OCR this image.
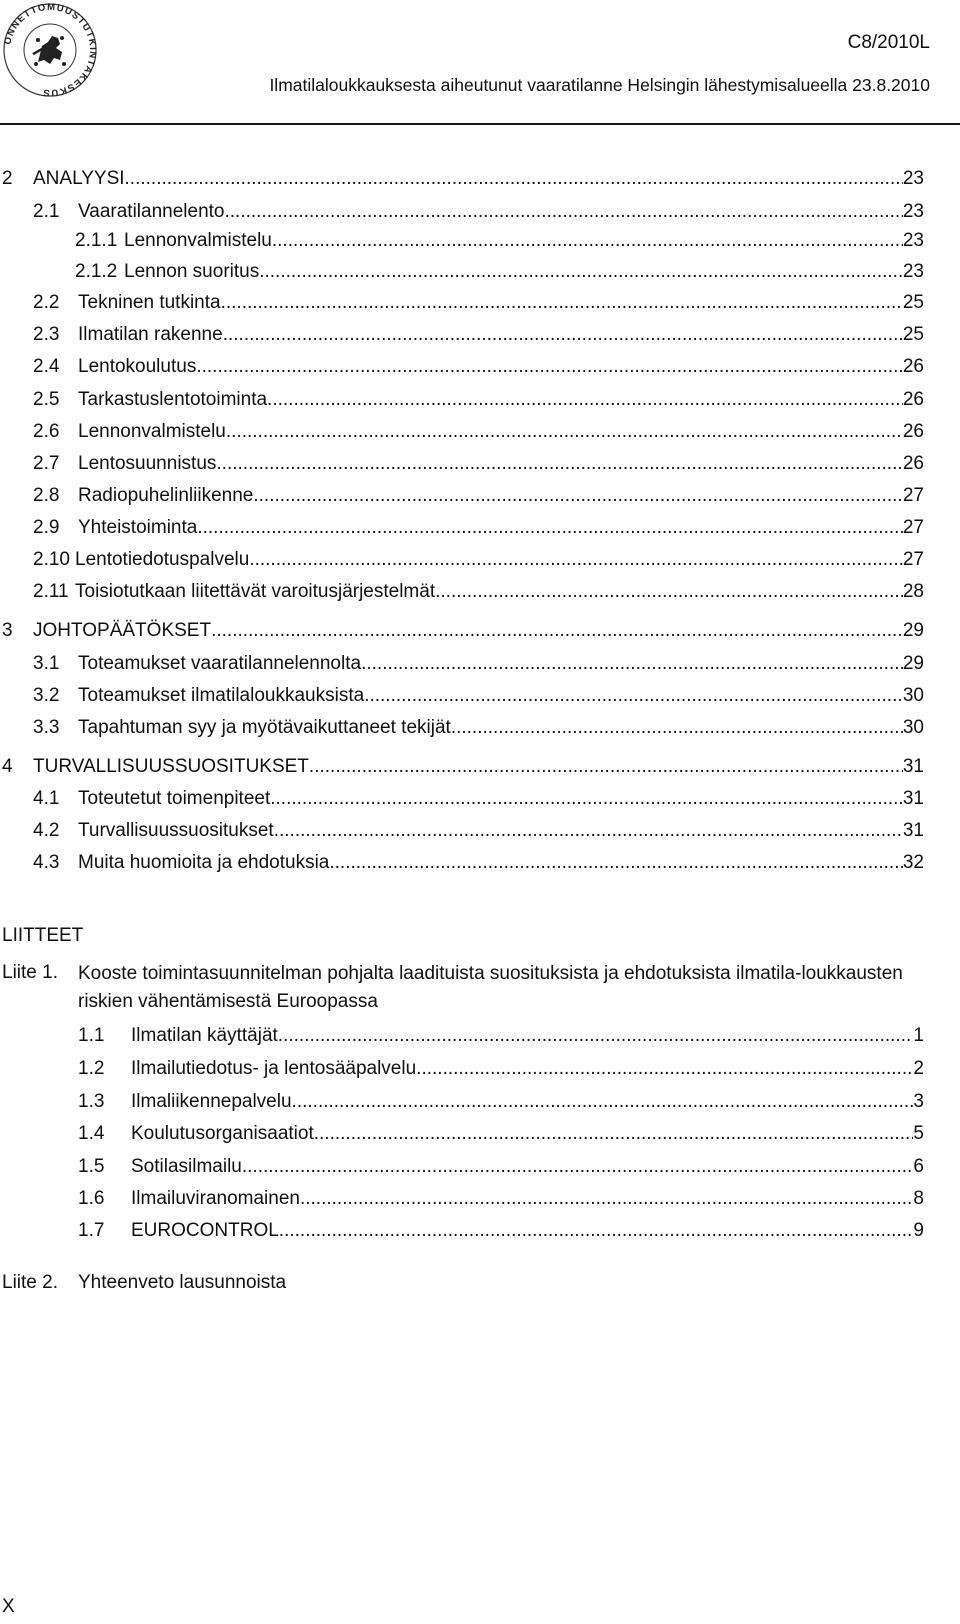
ONNETTOMUUSTUTKINTAKESKUS
C8/2010L
Ilmatilaloukkauksesta aiheutunut vaaratilanne Helsingin lähestymisalueella 23.8.2010
2 ANALYYSI .....	23
2.1 Vaaratilannelento .....	23
2.1.1 Lennonvalmistelu .....	23
2.1.2 Lennon suoritus .....	23
2.2 Tekninen tutkinta .....	25
2.3 Ilmatilan rakenne .....	25
2.4 Lentokoulutus .....	26
2.5 Tarkastuslentotoiminta .....	26
2.6 Lennonvalmistelu .....	26
2.7 Lentosuunnistus .....	26
2.8 Radiopuhelinliikenne .....	27
2.9 Yhteistoiminta .....	27
2.10 Lentotiedotuspalvelu .....	27
2.11 Toisiotutkaan liitettävät varoitusjärjestelmät .....	28
3 JOHTOPÄÄTÖKSET .....	29
3.1 Toteamukset vaaratilannelennolta .....	29
3.2 Toteamukset ilmatilaloukkauksista .....	30
3.3 Tapahtuman syy ja myötävaikuttaneet tekijät .....	30
4 TURVALLISUUSSUOSITUKSET .....	31
4.1 Toteutetut toimenpiteet .....	31
4.2 Turvallisuussuositukset .....	31
4.3 Muita huomioita ja ehdotuksia .....	32
LIITTEET
Liite 1. Kooste toimintasuunnitelman pohjalta laadituista suosituksista ja ehdotuksista ilmatila-loukkausten riskien vähentämisestä Euroopassa
1.1 Ilmatilan käyttäjät .....	1
1.2 Ilmailutiedotus- ja lentosääpalvelu .....	2
1.3 Ilmaliikennepalvelu .....	3
1.4 Koulutusorganisaatiot .....	5
1.5 Sotilasilmailu .....	6
1.6 Ilmailuviranomainen .....	8
1.7 EUROCONTROL .....	9
Liite 2. Yhteenveto lausunnoista
X
